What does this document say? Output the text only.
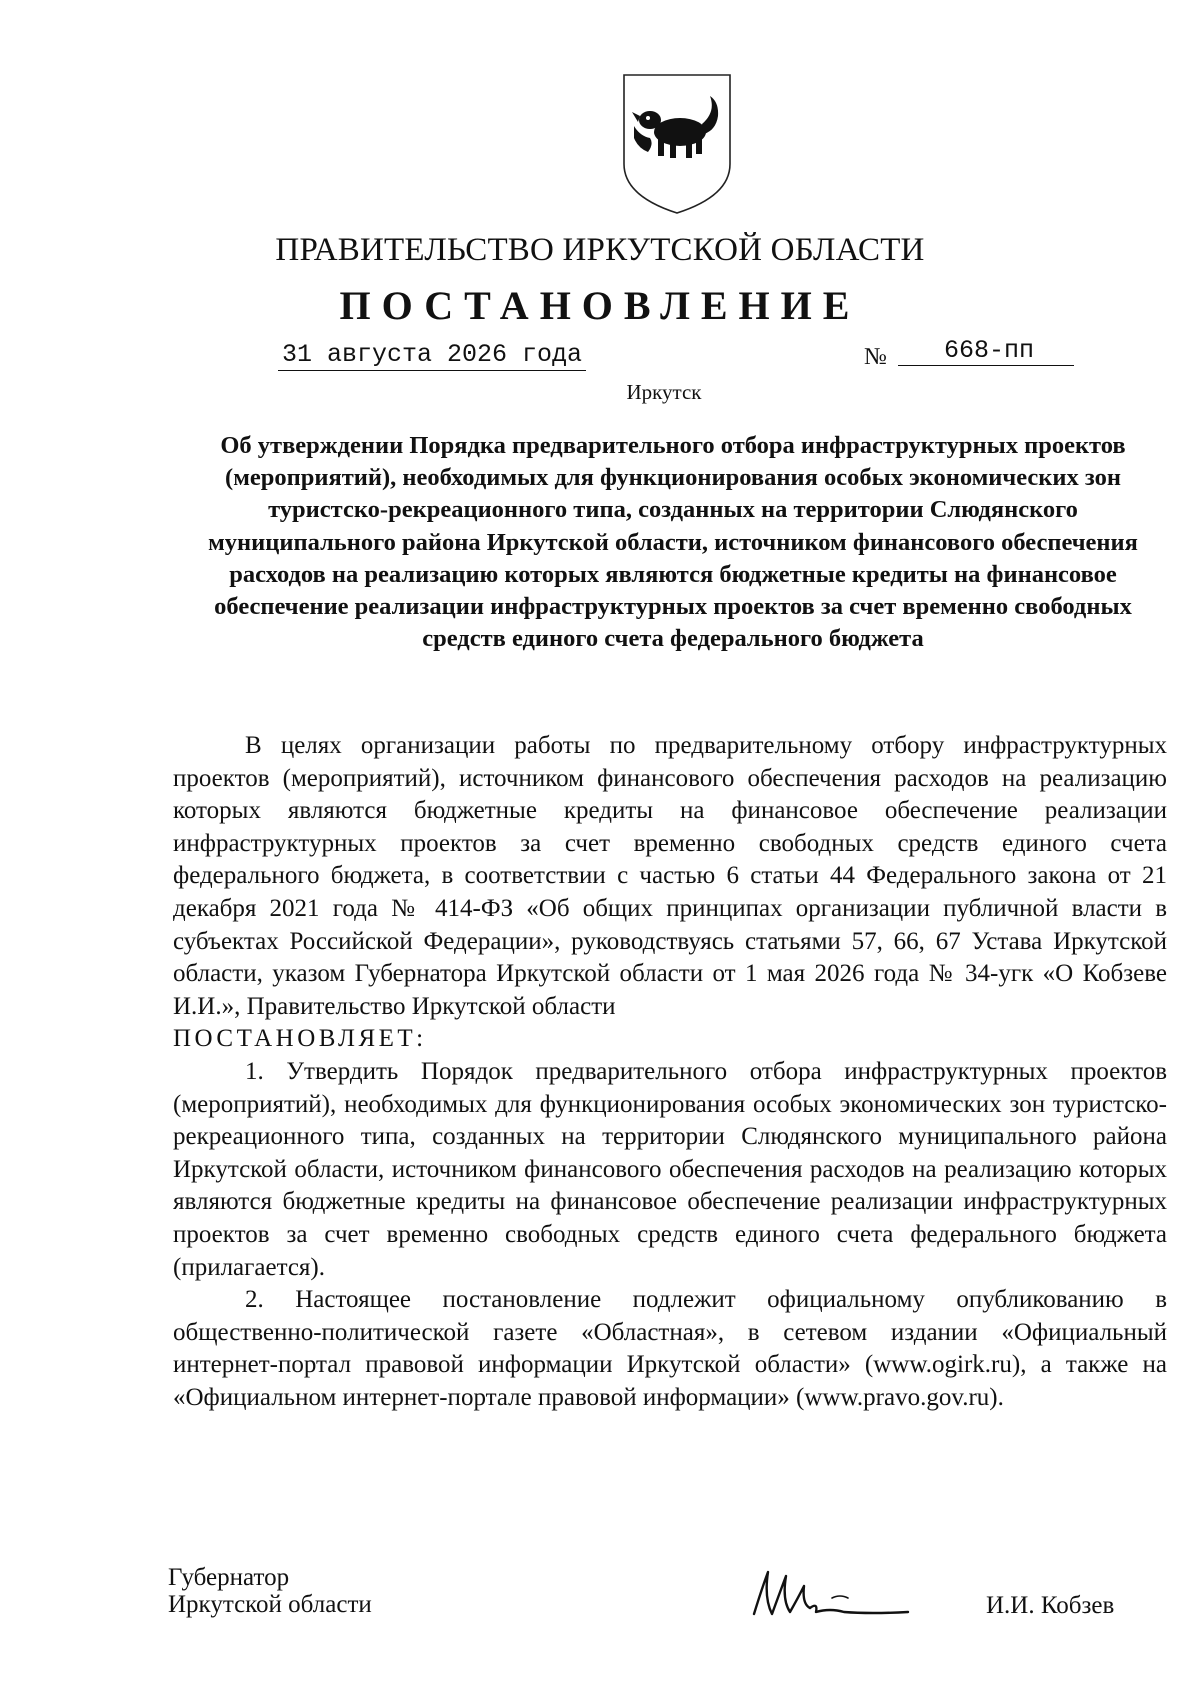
ПРАВИТЕЛЬСТВО ИРКУТСКОЙ ОБЛАСТИ
ПОСТАНОВЛЕНИЕ
31 августа 2026 года	№	668-пп
Иркутск
Об утверждении Порядка предварительного отбора инфраструктурных проектов (мероприятий), необходимых для функционирования особых экономических зон туристско-рекреационного типа, созданных на территории Слюдянского муниципального района Иркутской области, источником финансового обеспечения расходов на реализацию которых являются бюджетные кредиты на финансовое обеспечение реализации инфраструктурных проектов за счет временно свободных средств единого счета федерального бюджета

В целях организации работы по предварительному отбору инфраструктурных проектов (мероприятий), источником финансового обеспечения расходов на реализацию которых являются бюджетные кредиты на финансовое обеспечение реализации инфраструктурных проектов за счет временно свободных средств единого счета федерального бюджета, в соответствии с частью 6 статьи 44 Федерального закона от 21 декабря 2021 года № 414-ФЗ «Об общих принципах организации публичной власти в субъектах Российской Федерации», руководствуясь статьями 57, 66, 67 Устава Иркутской области, указом Губернатора Иркутской области от 1 мая 2026 года № 34-угк «О Кобзеве И.И.», Правительство Иркутской области

ПОСТАНОВЛЯЕТ:

1. Утвердить Порядок предварительного отбора инфраструктурных проектов (мероприятий), необходимых для функционирования особых экономических зон туристско-рекреационного типа, созданных на территории Слюдянского муниципального района Иркутской области, источником финансового обеспечения расходов на реализацию которых являются бюджетные кредиты на финансовое обеспечение реализации инфраструктурных проектов за счет временно свободных средств единого счета федерального бюджета (прилагается).

2. Настоящее постановление подлежит официальному опубликованию в общественно-политической газете «Областная», в сетевом издании «Официальный интернет-портал правовой информации Иркутской области» (www.ogirk.ru), а также на «Официальном интернет-портале правовой информации» (www.pravo.gov.ru).

Губернатор
Иркутской области	И.И. Кобзев
